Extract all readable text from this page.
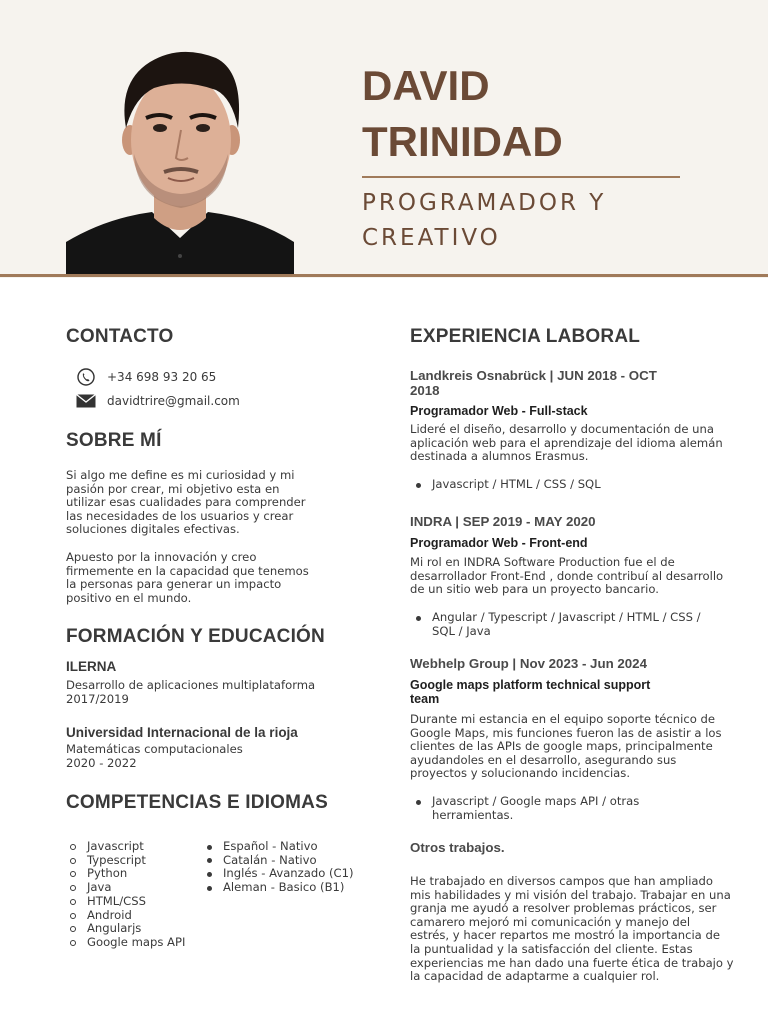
DAVID
TRINIDAD
PROGRAMADOR Y
CREATIVO
CONTACTO
+34 698 93 20 65
davidtrire@gmail.com
SOBRE MÍ
Si algo me define es mi curiosidad y mi
pasión por crear, mi objetivo esta en
utilizar esas cualidades para comprender
las necesidades de los usuarios y crear
soluciones digitales efectivas.
Apuesto por la innovación y creo
firmemente en la capacidad que tenemos
la personas para generar un impacto
positivo en el mundo.
FORMACIÓN Y EDUCACIÓN
ILERNA
Desarrollo de aplicaciones multiplataforma
2017/2019
Universidad Internacional de la rioja
Matemáticas computacionales
2020 - 2022
COMPETENCIAS E IDIOMAS
Javascript
Typescript
Python
Java
HTML/CSS
Android
Angularjs
Google maps API
Español - Nativo
Catalán - Nativo
Inglés - Avanzado (C1)
Aleman - Basico (B1)
EXPERIENCIA LABORAL
Landkreis Osnabrück | JUN 2018 - OCT
2018
Programador Web - Full-stack
Lideré el diseño, desarrollo y documentación de una
aplicación web para el aprendizaje del idioma alemán
destinada a alumnos Erasmus.
Javascript / HTML / CSS / SQL
INDRA | SEP 2019 - MAY 2020
Programador Web - Front-end
Mi rol en INDRA Software Production fue el de
desarrollador Front-End , donde contribuí al desarrollo
de un sitio web para un proyecto bancario.
Angular / Typescript / Javascript / HTML / CSS /
SQL / Java
Webhelp Group | Nov 2023 - Jun 2024
Google maps platform technical support
team
Durante mi estancia en el equipo soporte técnico de
Google Maps, mis funciones fueron las de asistir a los
clientes de las APIs de google maps, principalmente
ayudandoles en el desarrollo, asegurando sus
proyectos y solucionando incidencias.
Javascript / Google maps API / otras
herramientas.
Otros trabajos.
He trabajado en diversos campos que han ampliado
mis habilidades y mi visión del trabajo. Trabajar en una
granja me ayudó a resolver problemas prácticos, ser
camarero mejoró mi comunicación y manejo del
estrés, y hacer repartos me mostró la importancia de
la puntualidad y la satisfacción del cliente. Estas
experiencias me han dado una fuerte ética de trabajo y
la capacidad de adaptarme a cualquier rol.
